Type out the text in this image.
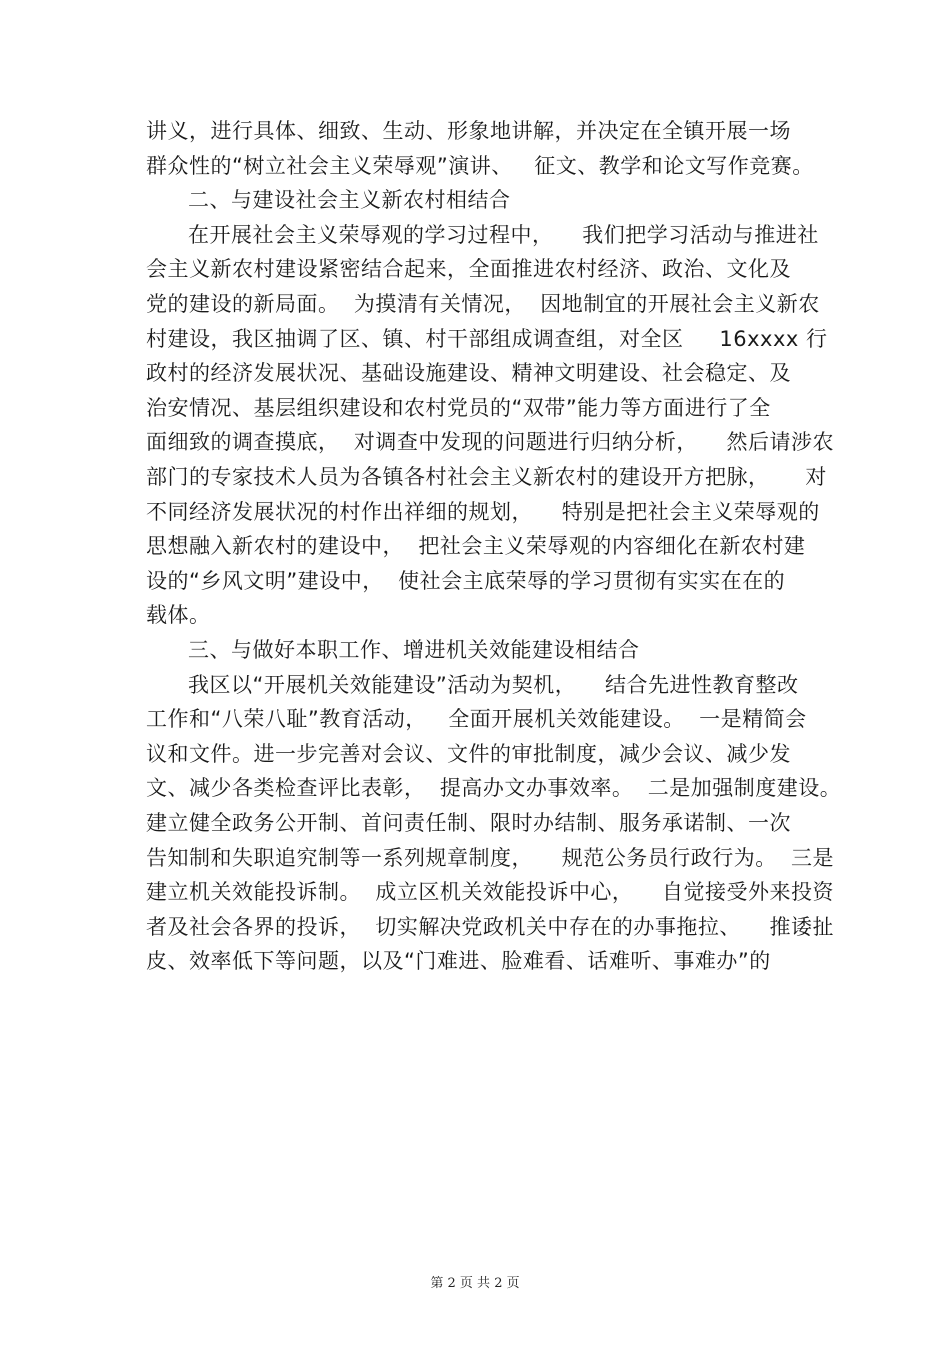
讲义，进行具体、细致、生动、形象地讲解，并决定在全镇开展一场
群众性的“树立社会主义荣辱观”演讲、   征文、教学和论文写作竞赛。
二、与建设社会主义新农村相结合
在开展社会主义荣辱观的学习过程中，    我们把学习活动与推进社
会主义新农村建设紧密结合起来，全面推进农村经济、政治、文化及
党的建设的新局面。  为摸清有关情况，  因地制宜的开展社会主义新农
村建设，我区抽调了区、镇、村干部组成调查组，对全区     16xxxx 行
政村的经济发展状况、基础设施建设、精神文明建设、社会稳定、及
治安情况、基层组织建设和农村党员的“双带”能力等方面进行了全
面细致的调查摸底，  对调查中发现的问题进行归纳分析，    然后请涉农
部门的专家技术人员为各镇各村社会主义新农村的建设开方把脉，     对
不同经济发展状况的村作出祥细的规划，    特别是把社会主义荣辱观的
思想融入新农村的建设中，  把社会主义荣辱观的内容细化在新农村建
设的“乡风文明”建设中，  使社会主底荣辱的学习贯彻有实实在在的
载体。
三、与做好本职工作、增进机关效能建设相结合
我区以“开展机关效能建设”活动为契机，    结合先进性教育整改
工作和“八荣八耻”教育活动，   全面开展机关效能建设。  一是精简会
议和文件。进一步完善对会议、文件的审批制度，减少会议、减少发
文、减少各类检查评比表彰，  提高办文办事效率。  二是加强制度建设。
建立健全政务公开制、首问责任制、限时办结制、服务承诺制、一次
告知制和失职追究制等一系列规章制度，    规范公务员行政行为。  三是
建立机关效能投诉制。  成立区机关效能投诉中心，    自觉接受外来投资
者及社会各界的投诉，  切实解决党政机关中存在的办事拖拉、    推诿扯
皮、效率低下等问题，以及“门难进、脸难看、话难听、事难办”的
第 2 页 共 2 页
